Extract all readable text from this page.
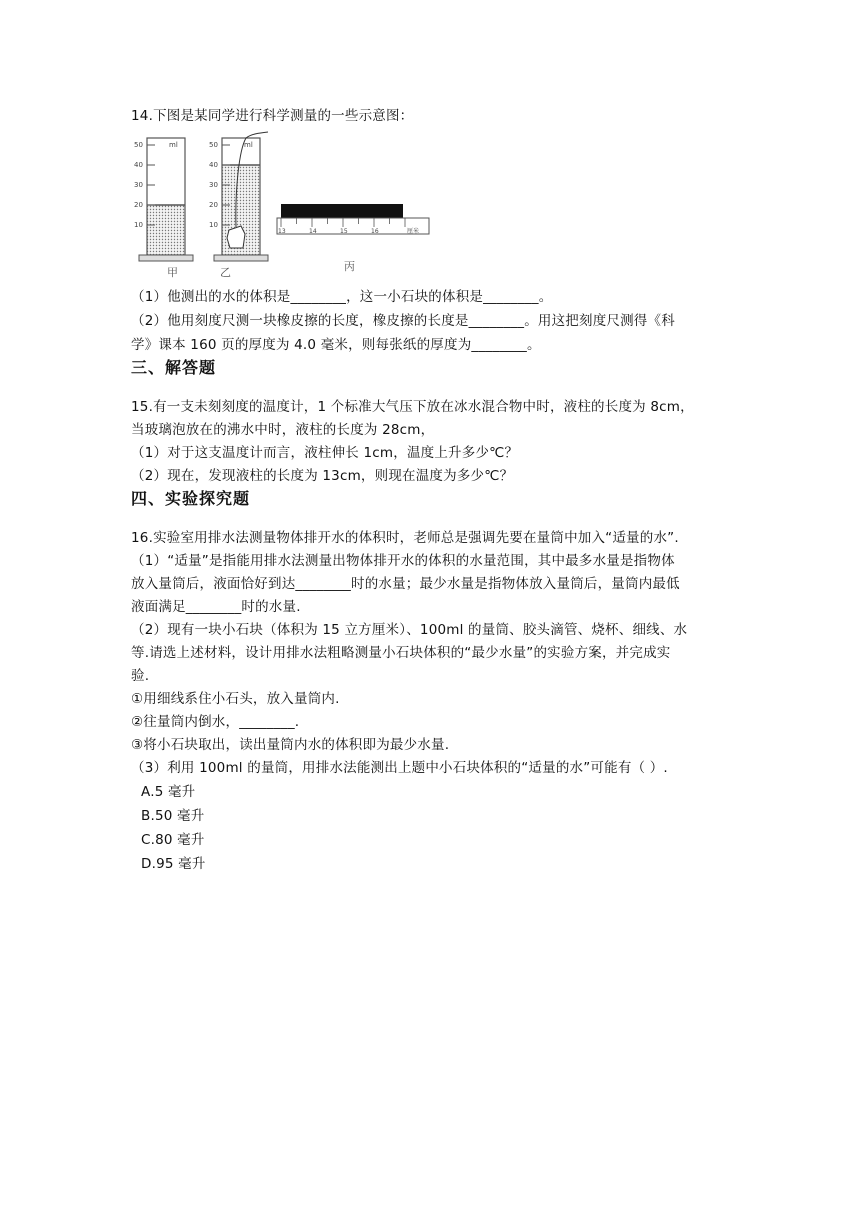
14.下图是某同学进行科学测量的一些示意图：
50
40
30
20
10
ml	50
40
30
20
10
ml
13	14	15	16	厘米
甲	乙	丙
（1）他测出的水的体积是________，这一小石块的体积是________。
（2）他用刻度尺测一块橡皮擦的长度，橡皮擦的长度是________。用这把刻度尺测得《科
学》课本 160 页的厚度为 4.0 毫米，则每张纸的厚度为________。
三、解答题
15.有一支未刻刻度的温度计，1 个标准大气压下放在冰水混合物中时，液柱的长度为 8cm，
当玻璃泡放在的沸水中时，液柱的长度为 28cm，
（1）对于这支温度计而言，液柱伸长 1cm，温度上升多少℃？
（2）现在，发现液柱的长度为 13cm，则现在温度为多少℃？
四、实验探究题
16.实验室用排水法测量物体排开水的体积时，老师总是强调先要在量筒中加入“适量的水”.
（1）“适量”是指能用排水法测量出物体排开水的体积的水量范围，其中最多水量是指物体
放入量筒后，液面恰好到达________时的水量；最少水量是指物体放入量筒后，量筒内最低
液面满足________时的水量.
（2）现有一块小石块（体积为 15 立方厘米）、100ml 的量筒、胶头滴管、烧杯、细线、水
等.请选上述材料，设计用排水法粗略测量小石块体积的“最少水量”的实验方案，并完成实
验.
①用细线系住小石头，放入量筒内.
②往量筒内倒水，________.
③将小石块取出，读出量筒内水的体积即为最少水量.
（3）利用 100ml 的量筒，用排水法能测出上题中小石块体积的“适量的水”可能有（ ）.
A.5 毫升
B.50 毫升
C.80 毫升
D.95 毫升
